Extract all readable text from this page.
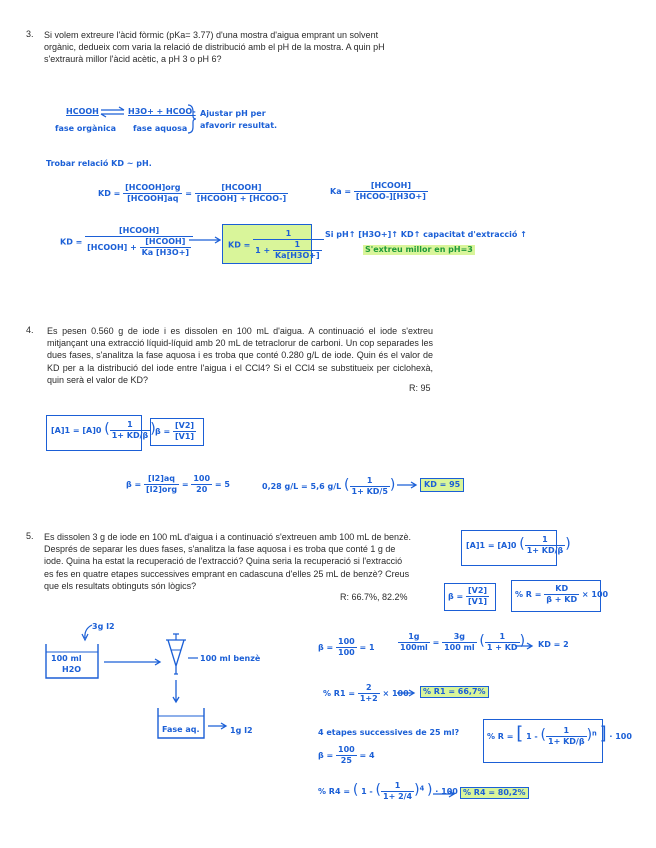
3. Si volem extreure l'àcid fòrmic (pKa= 3.77) d'una mostra d'aigua emprant un solvent orgànic, deduеix com varia la relació de distribució amb el pH de la mostra. A quin pH s'extraurà millor l'àcid acètic, a pH 3 o pH 6?
HCOOH ⇌ H3O+ + HCOO-
fase orgànica fase aquosa
Ajustar pH per
afavorir resultat.
Trobar relació KD ~ pH.
KD = $\frac{\text{[HCOOH]org}}{\text{[HCOOH]aq}} = \frac{\text{[HCOOH]}}{\text{[HCOOH] + [HCOO-]}}$	$Ka = \frac{\text{[HCOOH]}}{\text{[HCOO-][H3O+]}}$
KD = $\frac{\text{[HCOOH]}}{[HCOOH] + \frac{\text{[HCOOH]}}{Ka [H3O+]}}$	KD = $\frac{1}{1 + \frac{1}{Ka[H3O+]}}$ Si pH↑ [H3O+]↑ KD↑ capacitat d'extracció ↑
S'extreu millor en pH=3
4. Es pesen 0.560 g de iode i es dissolen en 100 mL d'aigua. A continuació el iode s'extreu mitjançant una extracció líquid-líquid amb 20 mL de tetraclorur de carboni. Un cop separades les dues fases, s'analitza la fase aquosa i es troba que conté 0.280 g/L de iode. Quin és el valor de KD per a la distribució del iode entre l'aigua i el CCl4? Si el CCl4 se substitueix per ciclohexà, quin serà el valor de KD?
R: 95
[A]1 = [A]0 ( $\frac{1}{1+ KD/\beta}$ ) $\beta = \frac{[V2]}{[V1]}$
$\beta = \frac{[I2]aq}{\text{[I2]org}} = \frac{100}{20} = 5$	0,28 g/L = 5,6 g/L ( $\frac{1}{1+ KD/5}$ )	KD = 95
5. Es dissolen 3 g de iode en 100 mL d'aigua i a continuació s'extreuen amb 100 mL de benzè. Després de separar les dues fases, s'analitza la fase aquosa i es troba que conté 1 g de iode. Quina ha estat la recuperació de l'extracció? Quina seria la recuperació si l'extracció es fes en quatre etapes successives emprant en cadascuna d'elles 25 mL de benzè? Creus que els resultats obtinguts són lògics?
R: 66.7%, 82.2%
[A]1 = [A]0 ( $\frac{1}{1+ KD/\beta}$ )
$\beta = \frac{[V2]}{[V1]}$	% $R = \frac{KD}{\beta + KD} \times 100$
3g I2
100 ml
H2O
100 ml benzè
Fase aq.	1g I2
$\beta = \frac{100}{100} = 1$	$\frac{1g}{100ml} = \frac{3g}{100 ml}$ ( $\frac{1}{1 + KD}$ ) KD = 2
% $R1 = \frac{2}{1+2} \times 100$	% R1 = 66,7%
4 etapes successives de 25 ml?
$\beta = \frac{100}{25} = 4$
% R = [ 1 - ( $\frac{1}{1+ KD/\beta} )^n$ ] · 100
% R4 = ( 1 - ( $\frac{1}{1+ 2/4} )^4$ ) · 100 % R4 = 80,2%
